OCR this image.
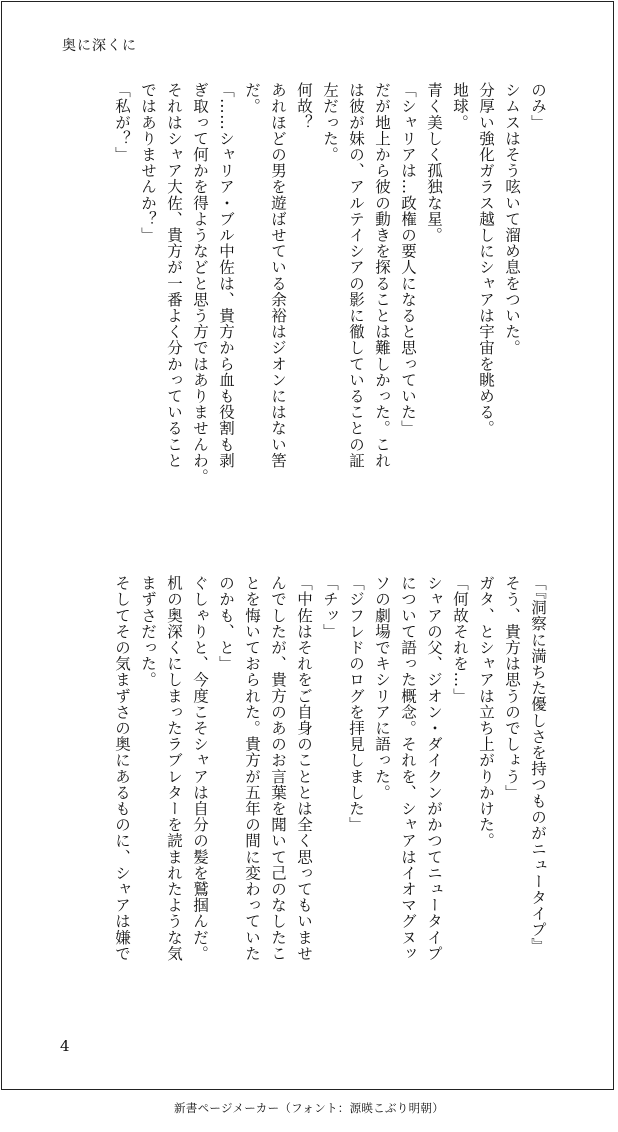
奥に深くに
のみ」
シムスはそう呟いて溜め息をついた。
分厚い強化ガラス越しにシャアは宇宙を眺める。
地球。
青く美しく孤独な星。
「シャリアは…政権の要人になると思っていた」
だが地上から彼の動きを探ることは難しかった。これ
は彼が妹の、アルテイシアの影に徹していることの証
左だった。
何故？
あれほどの男を遊ばせている余裕はジオンにはない筈
だ。
「……シャリア・ブル中佐は、貴方から血も役割も剥
ぎ取って何かを得ようなどと思う方ではありませんわ。
それはシャア大佐、貴方が一番よく分かっていること
ではありませんか？」
「私が？」
「『洞察に満ちた優しさを持つものがニュータイプ』
そう、貴方は思うのでしょう」
ガタ、とシャアは立ち上がりかけた。
「何故それを…」
シャアの父、ジオン・ダイクンがかつてニュータイプ
について語った概念。それを、シャアはイオマグヌッ
ソの劇場でキシリアに語った。
「ジフレドのログを拝見しました」
「チッ」
「中佐はそれをご自身のこととは全く思ってもいませ
んでしたが、貴方のあのお言葉を聞いて己のなしたこ
とを悔いておられた。貴方が五年の間に変わっていた
のかも、と」
ぐしゃりと、今度こそシャアは自分の髪を鷲掴んだ。
机の奥深くにしまったラブレターを読まれたような気
まずさだった。
そしてその気まずさの奥にあるものに、シャアは嫌で
4
新書ページメーカー（フォント：源暎こぶり明朝）
